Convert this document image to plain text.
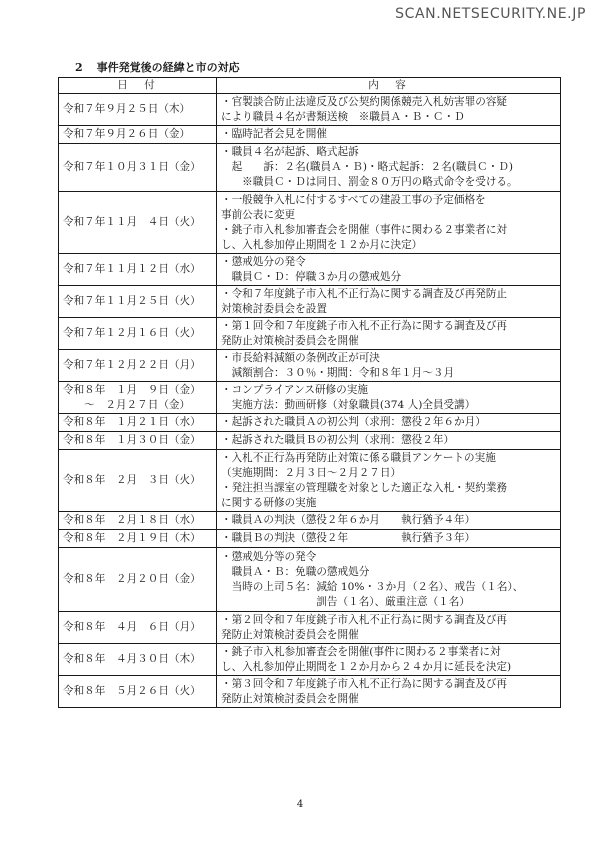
SCAN.NETSECURITY.NE.JP
2 事件発覚後の経緯と市の対応
日　付	内　容

令和７年９月２５日（木）	・官製談合防止法違反及び公契約関係競売入札妨害罪の容疑
により職員４名が書類送検　※職員Ａ・Ｂ・Ｃ・Ｄ

令和７年９月２６日（金）	・臨時記者会見を開催

令和７年１０月３１日（金）	・職員４名が起訴、略式起訴
　起　　訴：２名(職員Ａ・Ｂ)・略式起訴：２名(職員Ｃ・Ｄ)
　　※職員Ｃ・Ｄは同日、罰金８０万円の略式命令を受ける。

令和７年１１月　４日（火）	・一般競争入札に付するすべての建設工事の予定価格を
事前公表に変更
・銚子市入札参加審査会を開催（事件に関わる２事業者に対
し、入札参加停止期間を１２か月に決定）

令和７年１１月１２日（水）	・懲戒処分の発令
　職員Ｃ・Ｄ：停職３か月の懲戒処分

令和７年１１月２５日（火）	・令和７年度銚子市入札不正行為に関する調査及び再発防止
対策検討委員会を設置

令和７年１２月１６日（火）	・第１回令和７年度銚子市入札不正行為に関する調査及び再
発防止対策検討委員会を開催

令和７年１２月２２日（月）	・市長給料減額の条例改正が可決
　減額割合：３０％・期間：令和８年１月～３月

令和８年　１月　９日（金）
　　～　２月２７日（金）	・コンプライアンス研修の実施
　実施方法：動画研修（対象職員(374 人)全員受講）

令和８年　１月２１日（水）	・起訴された職員Ａの初公判（求刑：懲役２年６か月）

令和８年　１月３０日（金）	・起訴された職員Ｂの初公判（求刑：懲役２年）

令和８年　２月　３日（火）	・入札不正行為再発防止対策に係る職員アンケートの実施
（実施期間：２月３日～２月２７日）
・発注担当課室の管理職を対象とした適正な入札・契約業務
に関する研修の実施

令和８年　２月１８日（水）	・職員Ａの判決（懲役２年６か月　　執行猶予４年）

令和８年　２月１９日（木）	・職員Ｂの判決（懲役２年　　　　　執行猶予３年）

令和８年　２月２０日（金）	・懲戒処分等の発令
　職員Ａ・Ｂ：免職の懲戒処分
　当時の上司５名：減給 10%・３か月（２名）、戒告（１名）、
　　　　　　　　　訓告（１名）、厳重注意（１名）

令和８年　４月　６日（月）	・第２回令和７年度銚子市入札不正行為に関する調査及び再
発防止対策検討委員会を開催

令和８年　４月３０日（木）	・銚子市入札参加審査会を開催(事件に関わる２事業者に対
し、入札参加停止期間を１２か月から２４か月に延長を決定)

令和８年　５月２６日（火）	・第３回令和７年度銚子市入札不正行為に関する調査及び再
発防止対策検討委員会を開催
4
